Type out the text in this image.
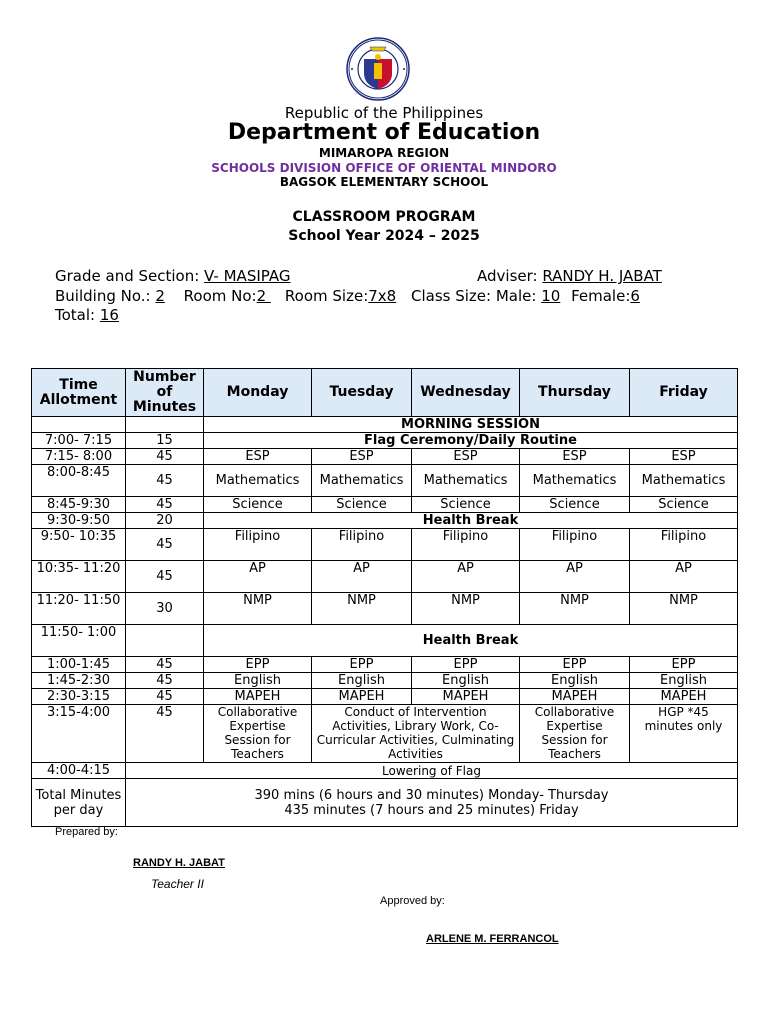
Republic of the Philippines
Department of Education
MIMAROPA REGION
SCHOOLS DIVISION OFFICE OF ORIENTAL MINDORO
BAGSOK ELEMENTARY SCHOOL
CLASSROOM PROGRAM
School Year 2024 – 2025
Grade and Section: V- MASIPAG	Adviser: RANDY H. JABAT
Building No.: 2 Room No:2 Room Size:7x8 Class Size: Male: 10 Female:6
Total: 16
Time Allotment	Number of Minutes	Monday	Tuesday	Wednesday	Thursday	Friday
		MORNING SESSION				
7:00- 7:15	15	Flag Ceremony/Daily Routine				
7:15- 8:00	45	ESP	ESP	ESP	ESP	ESP
8:00-8:45	45	Mathematics	Mathematics	Mathematics	Mathematics	Mathematics
8:45-9:30	45	Science	Science	Science	Science	Science
9:30-9:50	20	Health Break				
9:50- 10:35	45	Filipino	Filipino	Filipino	Filipino	Filipino
10:35- 11:20	45	AP	AP	AP	AP	AP
11:20- 11:50	30	NMP	NMP	NMP	NMP	NMP
11:50- 1:00		Health Break				
1:00-1:45	45	EPP	EPP	EPP	EPP	EPP
1:45-2:30	45	English	English	English	English	English
2:30-3:15	45	MAPEH	MAPEH	MAPEH	MAPEH	MAPEH
3:15-4:00	45	Collaborative Expertise Session for Teachers	Conduct of Intervention Activities, Library Work, Co-Curricular Activities, Culminating Activities		Collaborative Expertise Session for Teachers	HGP *45 minutes only
4:00-4:15	Lowering of Flag					
Total Minutes per day	390 mins (6 hours and 30 minutes) Monday- Thursday
435 minutes (7 hours and 25 minutes) Friday					
Prepared by:
RANDY H. JABAT
Teacher II
Approved by:
ARLENE M. FERRANCOL
